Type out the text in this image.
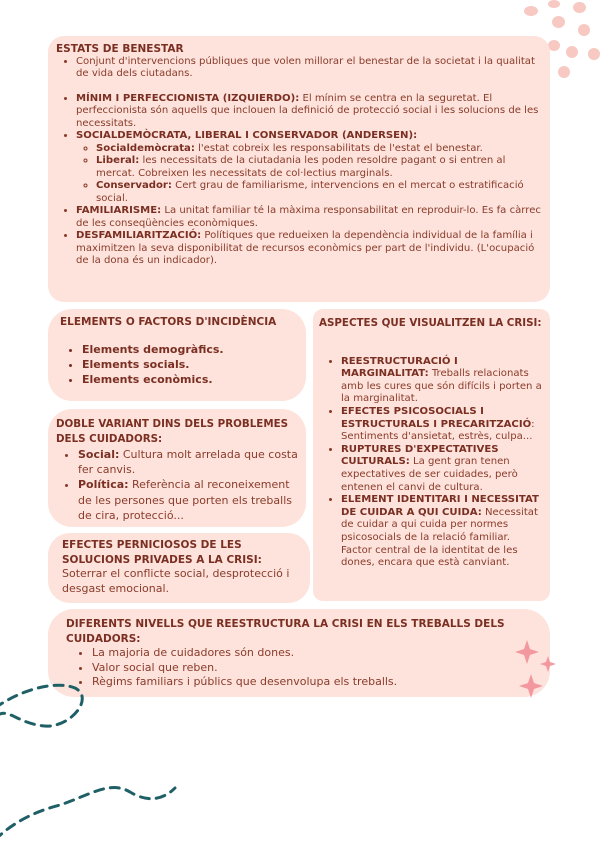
ESTATS DE BENESTAR
• Conjunt d'intervencions públiques que volen millorar el benestar de la societat i la qualitat de vida dels ciutadans.
• MÍNIM I PERFECCIONISTA (IZQUIERDO): El mínim se centra en la seguretat. El perfeccionista són aquells que inclouen la definició de protecció social i les solucions de les necessitats.
• SOCIALDEMÒCRATA, LIBERAL I CONSERVADOR (ANDERSEN):
◦ Socialdemòcrata: l'estat cobreix les responsabilitats de l'estat el benestar.
◦ Liberal: les necessitats de la ciutadania les poden resoldre pagant o si entren al mercat. Cobreixen les necessitats de col·lectius marginals.
◦ Conservador: Cert grau de familiarisme, intervencions en el mercat o estratificació social.
• FAMILIARISME: La unitat familiar té la màxima responsabilitat en reproduir-lo. Es fa càrrec de les conseqüències econòmiques.
• DESFAMILIARITZACIÓ: Polítiques que redueixen la dependència individual de la família i maximitzen la seva disponibilitat de recursos econòmics per part de l'individu. (L'ocupació de la dona és un indicador).
ELEMENTS O FACTORS D'INCIDÈNCIA
• Elements demogràfics.
• Elements socials.
• Elements econòmics.
DOBLE VARIANT DINS DELS PROBLEMES DELS CUIDADORS:
• Social: Cultura molt arrelada que costa fer canvis.
• Política: Referència al reconeixement de les persones que porten els treballs de cira, protecció...
EFECTES PERNICIOSOS DE LES SOLUCIONS PRIVADES A LA CRISI:
Soterrar el conflicte social, desprotecció i desgast emocional.
ASPECTES QUE VISUALITZEN LA CRISI:
• REESTRUCTURACIÓ I MARGINALITAT: Treballs relacionats amb les cures que són difícils i porten a la marginalitat.
• EFECTES PSICOSOCIALS I ESTRUCTURALS I PRECARITZACIÓ: Sentiments d'ansietat, estrès, culpa...
• RUPTURES D'EXPECTATIVES CULTURALS: La gent gran tenen expectatives de ser cuidades, però entenen el canvi de cultura.
• ELEMENT IDENTITARI I NECESSITAT DE CUIDAR A QUI CUIDA: Necessitat de cuidar a qui cuida per normes psicosocials de la relació familiar. Factor central de la identitat de les dones, encara que està canviant.
DIFERENTS NIVELLS QUE REESTRUCTURA LA CRISI EN ELS TREBALLS DELS CUIDADORS:
• La majoria de cuidadores són dones.
• Valor social que reben.
• Règims familiars i públics que desenvolupa els treballs.
